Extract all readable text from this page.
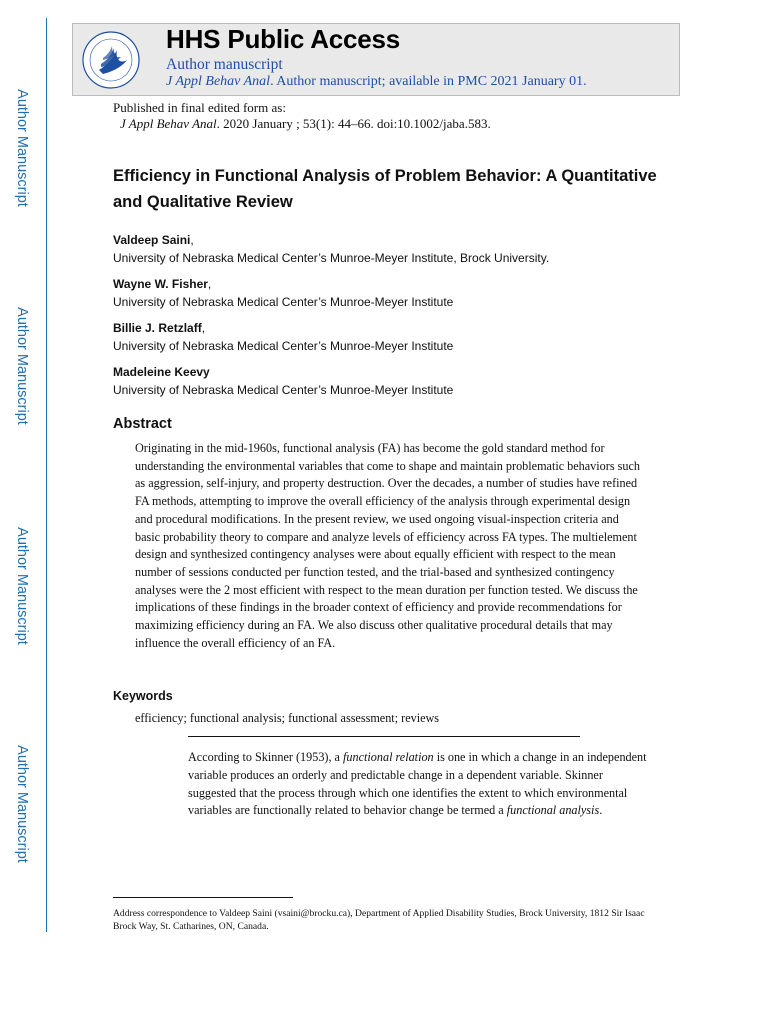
Author Manuscript
Author Manuscript
Author Manuscript
Author Manuscript
HHS Public Access
Author manuscript
J Appl Behav Anal. Author manuscript; available in PMC 2021 January 01.
Published in final edited form as:
J Appl Behav Anal. 2020 January ; 53(1): 44–66. doi:10.1002/jaba.583.
Efficiency in Functional Analysis of Problem Behavior: A Quantitative and Qualitative Review
Valdeep Saini,
University of Nebraska Medical Center’s Munroe-Meyer Institute, Brock University.
Wayne W. Fisher,
University of Nebraska Medical Center’s Munroe-Meyer Institute
Billie J. Retzlaff,
University of Nebraska Medical Center’s Munroe-Meyer Institute
Madeleine Keevy
University of Nebraska Medical Center’s Munroe-Meyer Institute
Abstract
Originating in the mid-1960s, functional analysis (FA) has become the gold standard method for understanding the environmental variables that come to shape and maintain problematic behaviors such as aggression, self-injury, and property destruction. Over the decades, a number of studies have refined FA methods, attempting to improve the overall efficiency of the analysis through experimental design and procedural modifications. In the present review, we used ongoing visual-inspection criteria and basic probability theory to compare and analyze levels of efficiency across FA types. The multielement design and synthesized contingency analyses were about equally efficient with respect to the mean number of sessions conducted per function tested, and the trial-based and synthesized contingency analyses were the 2 most efficient with respect to the mean duration per function tested. We discuss the implications of these findings in the broader context of efficiency and provide recommendations for maximizing efficiency during an FA. We also discuss other qualitative procedural details that may influence the overall efficiency of an FA.
Keywords
efficiency; functional analysis; functional assessment; reviews
According to Skinner (1953), a functional relation is one in which a change in an independent variable produces an orderly and predictable change in a dependent variable. Skinner suggested that the process through which one identifies the extent to which environmental variables are functionally related to behavior change be termed a functional analysis.
Address correspondence to Valdeep Saini (vsaini@brocku.ca), Department of Applied Disability Studies, Brock University, 1812 Sir Isaac Brock Way, St. Catharines, ON, Canada.
